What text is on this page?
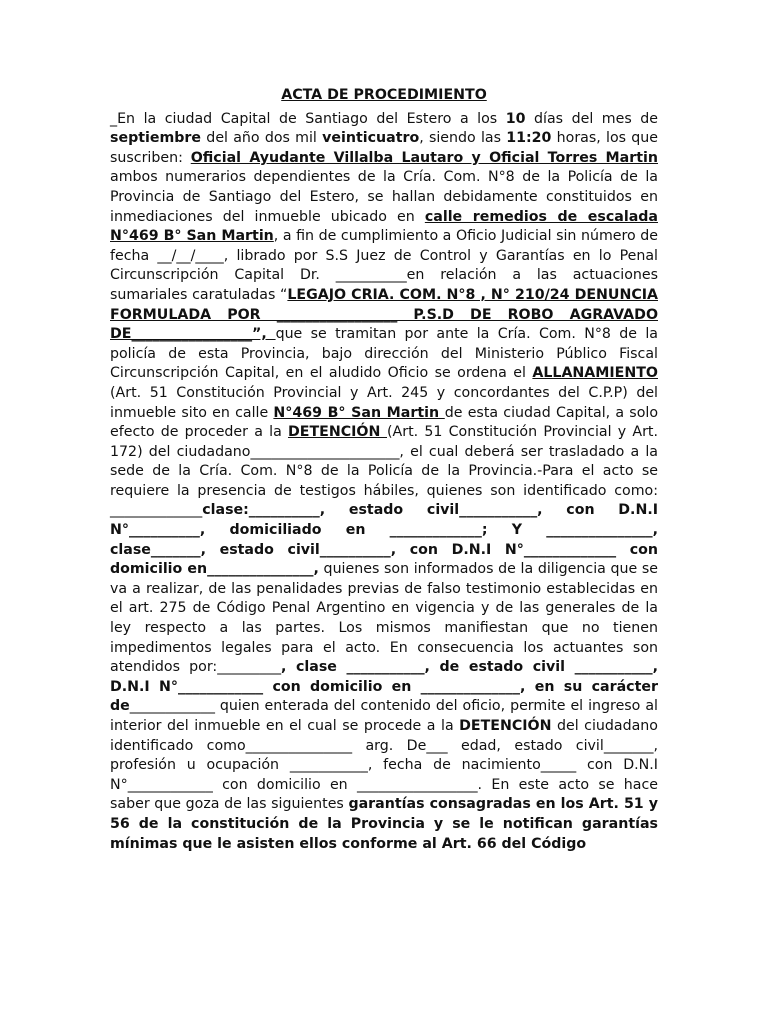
ACTA DE PROCEDIMIENTO

_En la ciudad Capital de Santiago del Estero a los 10 días del mes de septiembre del año dos mil veinticuatro, siendo las 11:20 horas, los que suscriben: Oficial Ayudante Villalba Lautaro y Oficial Torres Martin ambos numerarios dependientes de la Cría. Com. N°8 de la Policía de la Provincia de Santiago del Estero, se hallan debidamente constituidos en inmediaciones del inmueble ubicado en calle remedios de escalada N°469 B° San Martin, a fin de cumplimiento a Oficio Judicial sin número de fecha __/__/____, librado por S.S Juez de Control y Garantías en lo Penal Circunscripción Capital Dr. __________en relación a las actuaciones sumariales caratuladas “LEGAJO CRIA. COM. N°8 , N° 210/24 DENUNCIA FORMULADA POR _________________ P.S.D DE ROBO AGRAVADO DE_________________”, que se tramitan por ante la Cría. Com. N°8 de la policía de esta Provincia, bajo dirección del Ministerio Público Fiscal Circunscripción Capital, en el aludido Oficio se ordena el ALLANAMIENTO (Art. 51 Constitución Provincial y Art. 245 y concordantes del C.P.P) del inmueble sito en calle N°469 B° San Martin de esta ciudad Capital, a solo efecto de proceder a la DETENCIÓN (Art. 51 Constitución Provincial y Art. 172) del ciudadano_____________________, el cual deberá ser trasladado a la sede de la Cría. Com. N°8 de la Policía de la Provincia.-Para el acto se requiere la presencia de testigos hábiles, quienes son identificado como: _____________clase:__________, estado civil___________, con D.N.I N°__________, domiciliado en _____________; Y _______________, clase_______, estado civil__________, con D.N.I N°_____________ con domicilio en_______________, quienes son informados de la diligencia que se va a realizar, de las penalidades previas de falso testimonio establecidas en el art. 275 de Código Penal Argentino en vigencia y de las generales de la ley respecto a las partes. Los mismos manifiestan que no tienen impedimentos legales para el acto. En consecuencia los actuantes son atendidos por:_________, clase ___________, de estado civil ___________, D.N.I N°____________ con domicilio en ______________, en su carácter de____________ quien enterada del contenido del oficio, permite el ingreso al interior del inmueble en el cual se procede a la DETENCIÓN del ciudadano identificado como_______________ arg. De___ edad, estado civil_______, profesión u ocupación ___________, fecha de nacimiento_____ con D.N.I N°____________ con domicilio en _________________. En este acto se hace saber que goza de las siguientes garantías consagradas en los Art. 51 y 56 de la constitución de la Provincia y se le notifican garantías mínimas que le asisten ellos conforme al Art. 66 del Código
